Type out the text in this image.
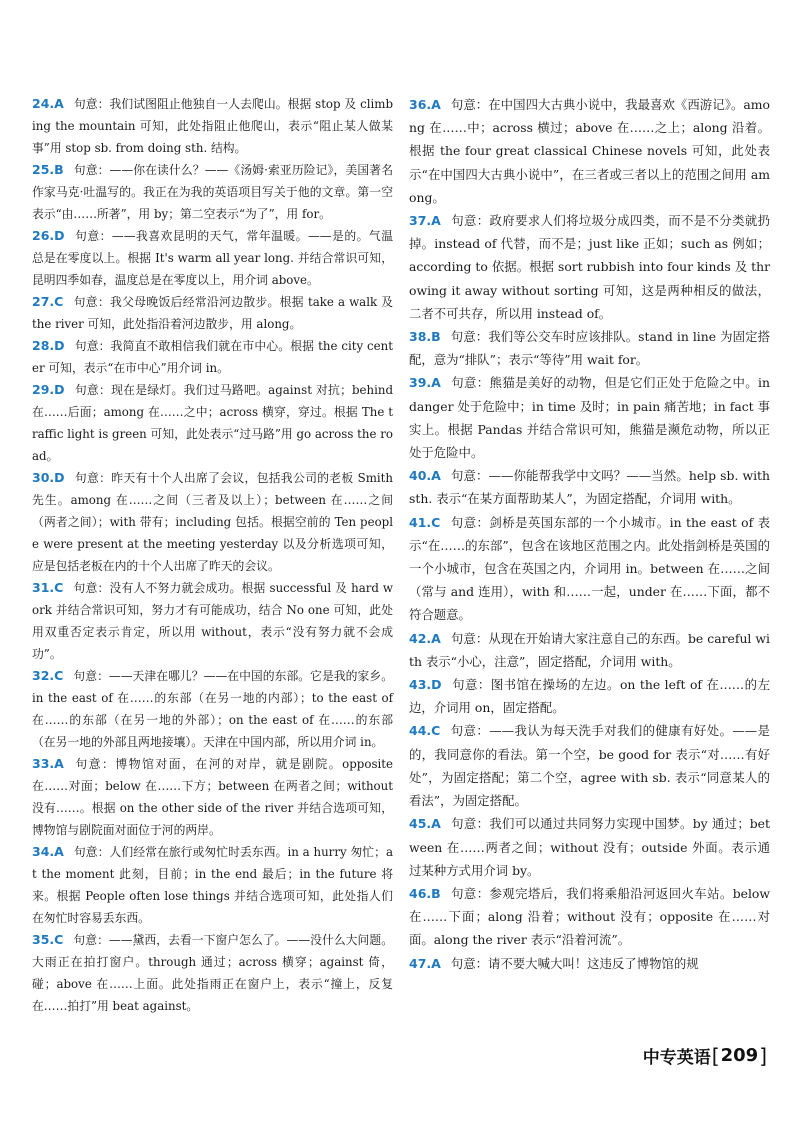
24.A 句意：我们试图阻止他独自一人去爬山。根据 stop 及 climbing the mountain 可知，此处指阻止他爬山，表示“阻止某人做某事”用 stop sb. from doing sth. 结构。

25.B 句意：——你在读什么？——《汤姆·索亚历险记》，美国著名作家马克·吐温写的。我正在为我的英语项目写关于他的文章。第一空表示“由……所著”，用 by；第二空表示“为了”，用 for。

26.D 句意：——我喜欢昆明的天气，常年温暖。——是的。气温总是在零度以上。根据 It's warm all year long. 并结合常识可知，昆明四季如春，温度总是在零度以上，用介词 above。

27.C 句意：我父母晚饭后经常沿河边散步。根据 take a walk 及 the river 可知，此处指沿着河边散步，用 along。

28.D 句意：我简直不敢相信我们就在市中心。根据 the city center 可知，表示“在市中心”用介词 in。

29.D 句意：现在是绿灯。我们过马路吧。against 对抗；behind 在……后面；among 在……之中；across 横穿，穿过。根据 The traffic light is green 可知，此处表示“过马路”用 go across the road。

30.D 句意：昨天有十个人出席了会议，包括我公司的老板 Smith 先生。among 在……之间（三者及以上）；between 在……之间（两者之间）；with 带有；including 包括。根据空前的 Ten people were present at the meeting yesterday 以及分析选项可知，应是包括老板在内的十个人出席了昨天的会议。

31.C 句意：没有人不努力就会成功。根据 successful 及 hard work 并结合常识可知，努力才有可能成功，结合 No one 可知，此处用双重否定表示肯定，所以用 without，表示“没有努力就不会成功”。

32.C 句意：——天津在哪儿？——在中国的东部。它是我的家乡。in the east of 在……的东部（在另一地的内部）；to the east of 在……的东部（在另一地的外部）；on the east of 在……的东部（在另一地的外部且两地接壤）。天津在中国内部，所以用介词 in。

33.A 句意：博物馆对面，在河的对岸，就是剧院。opposite 在……对面；below 在……下方；between 在两者之间；without 没有……。根据 on the other side of the river 并结合选项可知，博物馆与剧院面对面位于河的两岸。

34.A 句意：人们经常在旅行或匆忙时丢东西。in a hurry 匆忙；at the moment 此刻，目前；in the end 最后；in the future 将来。根据 People often lose things 并结合选项可知，此处指人们在匆忙时容易丢东西。

35.C 句意：——黛西，去看一下窗户怎么了。——没什么大问题。大雨正在拍打窗户。through 通过；across 横穿；against 倚，碰；above 在……上面。此处指雨正在窗户上，表示“撞上，反复在……拍打”用 beat against。

36.A 句意：在中国四大古典小说中，我最喜欢《西游记》。among 在……中；across 横过；above 在……之上；along 沿着。根据 the four great classical Chinese novels 可知，此处表示“在中国四大古典小说中”，在三者或三者以上的范围之间用 among。

37.A 句意：政府要求人们将垃圾分成四类，而不是不分类就扔掉。instead of 代替，而不是；just like 正如；such as 例如；according to 依据。根据 sort rubbish into four kinds 及 throwing it away without sorting 可知，这是两种相反的做法，二者不可共存，所以用 instead of。

38.B 句意：我们等公交车时应该排队。stand in line 为固定搭配，意为“排队”；表示“等待”用 wait for。

39.A 句意：熊猫是美好的动物，但是它们正处于危险之中。in danger 处于危险中；in time 及时；in pain 痛苦地；in fact 事实上。根据 Pandas 并结合常识可知，熊猫是濒危动物，所以正处于危险中。

40.A 句意：——你能帮我学中文吗？——当然。help sb. with sth. 表示“在某方面帮助某人”，为固定搭配，介词用 with。

41.C 句意：剑桥是英国东部的一个小城市。in the east of 表示“在……的东部”，包含在该地区范围之内。此处指剑桥是英国的一个小城市，包含在英国之内，介词用 in。between 在……之间（常与 and 连用），with 和……一起，under 在……下面，都不符合题意。

42.A 句意：从现在开始请大家注意自己的东西。be careful with 表示“小心，注意”，固定搭配，介词用 with。

43.D 句意：图书馆在操场的左边。on the left of 在……的左边，介词用 on，固定搭配。

44.C 句意：——我认为每天洗手对我们的健康有好处。——是的，我同意你的看法。第一个空，be good for 表示“对……有好处”，为固定搭配；第二个空，agree with sb. 表示“同意某人的看法”，为固定搭配。

45.A 句意：我们可以通过共同努力实现中国梦。by 通过；between 在……两者之间；without 没有；outside 外面。表示通过某种方式用介词 by。

46.B 句意：参观完塔后，我们将乘船沿河返回火车站。below 在……下面；along 沿着；without 没有；opposite 在……对面。along the river 表示“沿着河流”。

47.A 句意：请不要大喊大叫！这违反了博物馆的规

中专英语 [ 209 ]
